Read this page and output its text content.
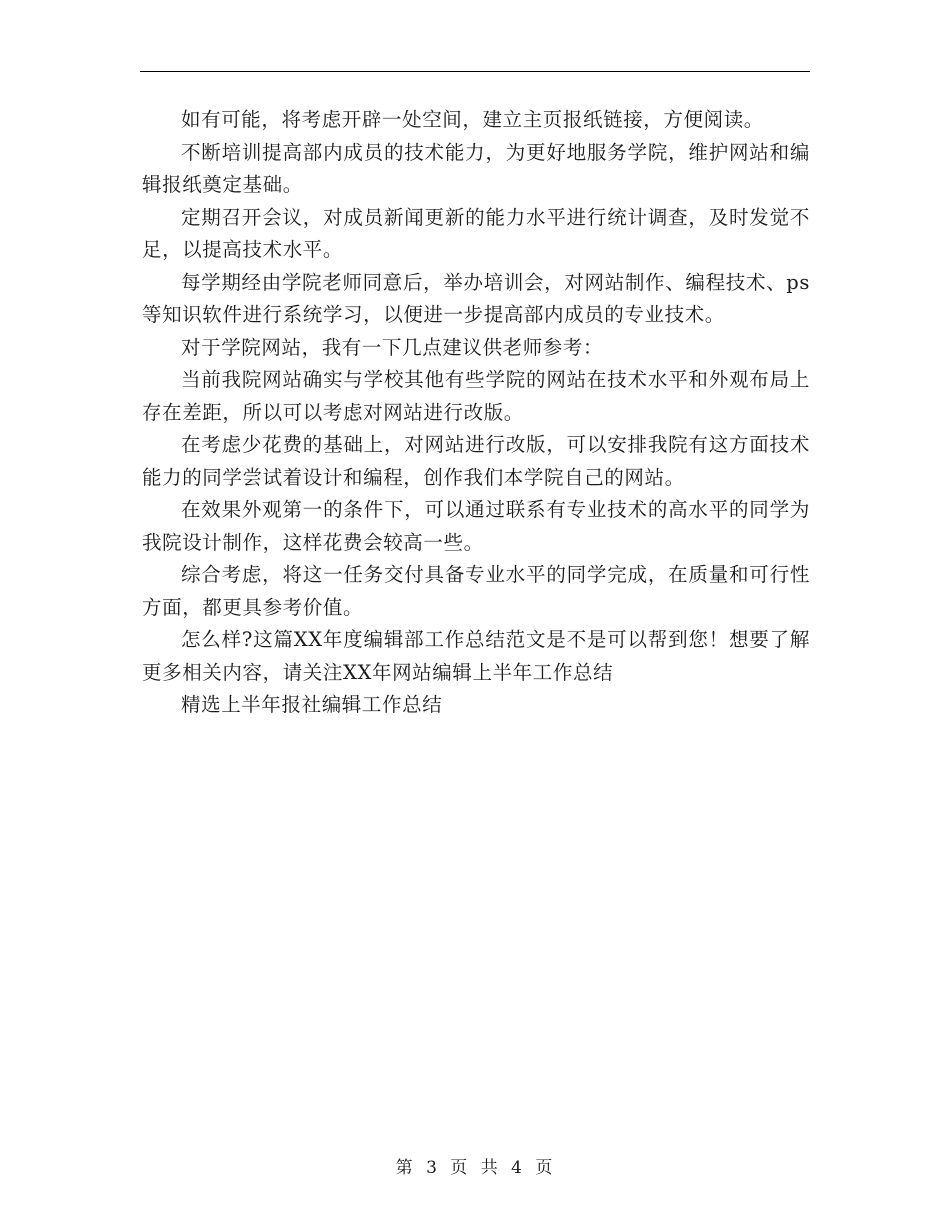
如有可能，将考虑开辟一处空间，建立主页报纸链接，方便阅读。

不断培训提高部内成员的技术能力，为更好地服务学院，维护网站和编辑报纸奠定基础。

定期召开会议，对成员新闻更新的能力水平进行统计调查，及时发觉不足，以提高技术水平。

每学期经由学院老师同意后，举办培训会，对网站制作、编程技术、ps 等知识软件进行系统学习，以便进一步提高部内成员的专业技术。

对于学院网站，我有一下几点建议供老师参考：

当前我院网站确实与学校其他有些学院的网站在技术水平和外观布局上存在差距，所以可以考虑对网站进行改版。

在考虑少花费的基础上，对网站进行改版，可以安排我院有这方面技术能力的同学尝试着设计和编程，创作我们本学院自己的网站。

在效果外观第一的条件下，可以通过联系有专业技术的高水平的同学为我院设计制作，这样花费会较高一些。

综合考虑，将这一任务交付具备专业水平的同学完成，在质量和可行性方面，都更具参考价值。

怎么样?这篇XX年度编辑部工作总结范文是不是可以帮到您！想要了解更多相关内容，请关注XX年网站编辑上半年工作总结

精选上半年报社编辑工作总结

第 3 页 共 4 页
